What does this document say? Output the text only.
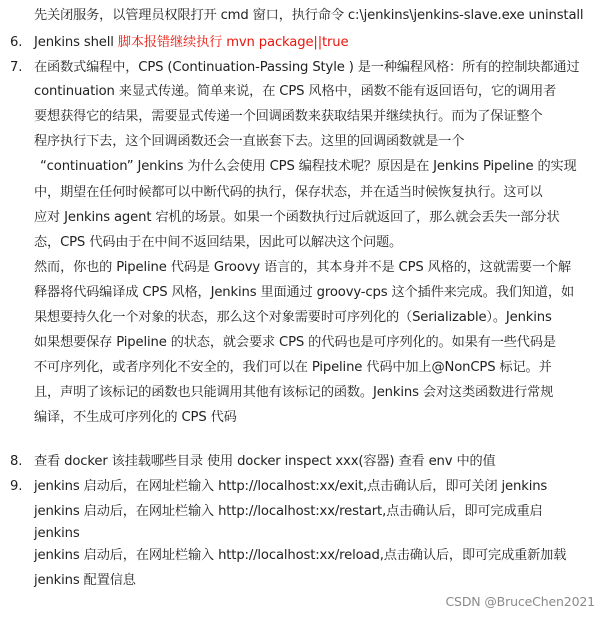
先关闭服务，以管理员权限打开 cmd 窗口，执行命令 c:\jenkins\jenkins-slave.exe uninstall
6. Jenkins shell 脚本报错继续执行 mvn package||true
7. 在函数式编程中，CPS (Continuation-Passing Style ) 是一种编程风格：所有的控制块都通过
continuation 来显式传递。简单来说，在 CPS 风格中，函数不能有返回语句，它的调用者
要想获得它的结果，需要显式传递一个回调函数来获取结果并继续执行。而为了保证整个
程序执行下去，这个回调函数还会一直嵌套下去。这里的回调函数就是一个
“continuation” Jenkins 为什么会使用 CPS 编程技术呢？原因是在 Jenkins Pipeline 的实现
中，期望在任何时候都可以中断代码的执行，保存状态，并在适当时候恢复执行。这可以
应对 Jenkins agent 宕机的场景。如果一个函数执行过后就返回了，那么就会丢失一部分状
态，CPS 代码由于在中间不返回结果，因此可以解决这个问题。
然而，你也的 Pipeline 代码是 Groovy 语言的，其本身并不是 CPS 风格的，这就需要一个解
释器将代码编译成 CPS 风格，Jenkins 里面通过 groovy-cps 这个插件来完成。我们知道，如
果想要持久化一个对象的状态，那么这个对象需要时可序列化的（Serializable）。Jenkins
如果想要保存 Pipeline 的状态，就会要求 CPS 的代码也是可序列化的。如果有一些代码是
不可序列化，或者序列化不安全的，我们可以在 Pipeline 代码中加上@NonCPS 标记。并
且，声明了该标记的函数也只能调用其他有该标记的函数。Jenkins 会对这类函数进行常规
编译，不生成可序列化的 CPS 代码
8. 查看 docker 该挂载哪些目录 使用 docker inspect xxx(容器) 查看 env 中的值
9. jenkins 启动后，在网址栏输入 http://localhost:xx/exit,点击确认后，即可关闭 jenkins
jenkins 启动后，在网址栏输入 http://localhost:xx/restart,点击确认后，即可完成重启
jenkins
jenkins 启动后，在网址栏输入 http://localhost:xx/reload,点击确认后，即可完成重新加载
jenkins 配置信息
CSDN @BruceChen2021
